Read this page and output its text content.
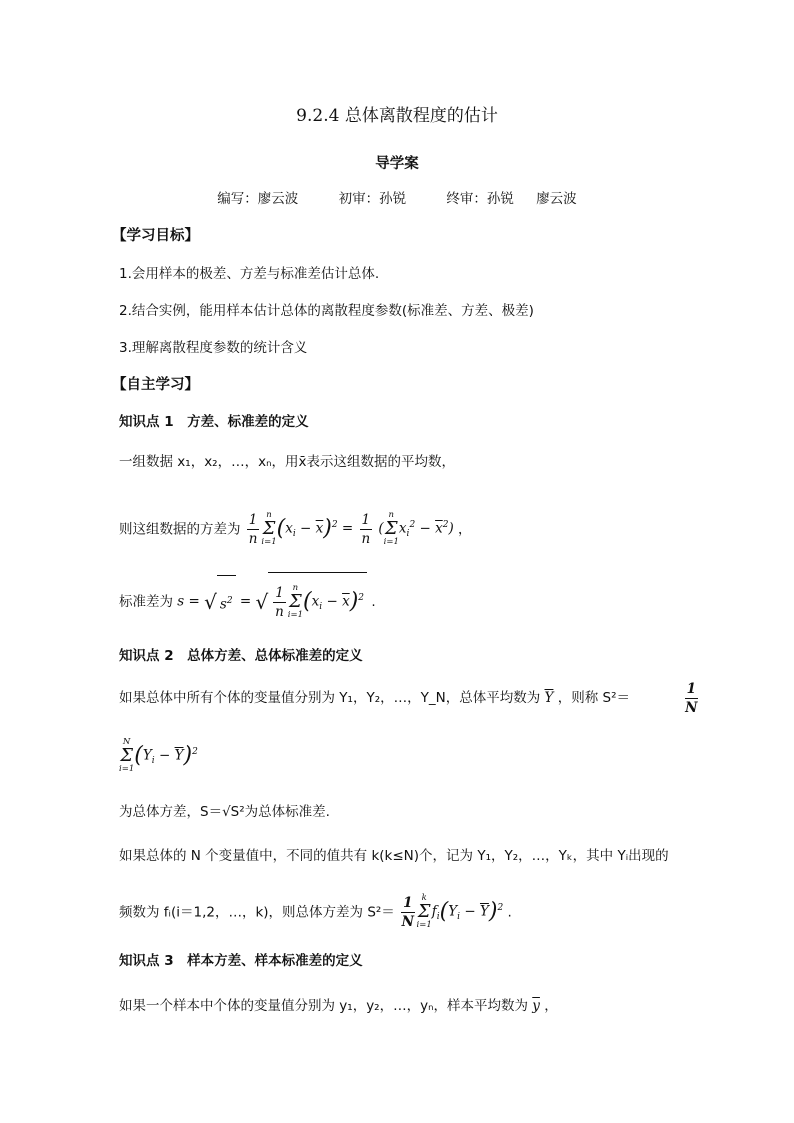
9.2.4 总体离散程度的估计
导学案
编写：廖云波	初审：孙锐	终审：孙锐 廖云波
【学习目标】
1.会用样本的极差、方差与标准差估计总体.
2.结合实例，能用样本估计总体的离散程度参数(标准差、方差、极差)
3.理解离散程度参数的统计含义
【自主学习】
知识点 1　方差、标准差的定义
一组数据 x₁，x₂，…，xₙ，用x̄表示这组数据的平均数，
则这组数据的方差为 $\frac{1}{n}$ n
Σ
i=1
$(x_i - \overline{x})^2 = \frac{1}{n}$ (
n
Σ
i=1
$x_i^2 - \overline{x}^2$) ，
标准差为 s = √ $s^2$ = √ $\frac{1}{n}$ n
Σ
i=1
$(x_i - \overline{x})^2$ .
知识点 2　总体方差、总体标准差的定义
如果总体中所有个体的变量值分别为 Y₁，Y₂，…，Y_N，总体平均数为 $\overline{Y}$ ，则称 S²＝	$\frac{1}{N}$
N
Σ
i=1
$(Y_i - \overline{Y})^2$
为总体方差，S＝√S²为总体标准差.
如果总体的 N 个变量值中，不同的值共有 k(k≤N)个，记为 Y₁，Y₂，…，Yₖ，其中 Yᵢ出现的
频数为 fᵢ(i＝1,2，…，k)，则总体方差为 $S^2= \frac{1}{N}$ k
Σ
i=1
$f_i(Y_i - \overline{Y})^2$ .
知识点 3　样本方差、样本标准差的定义
如果一个样本中个体的变量值分别为 y₁，y₂，…，yₙ，样本平均数为 $\overline{y}$ ，
